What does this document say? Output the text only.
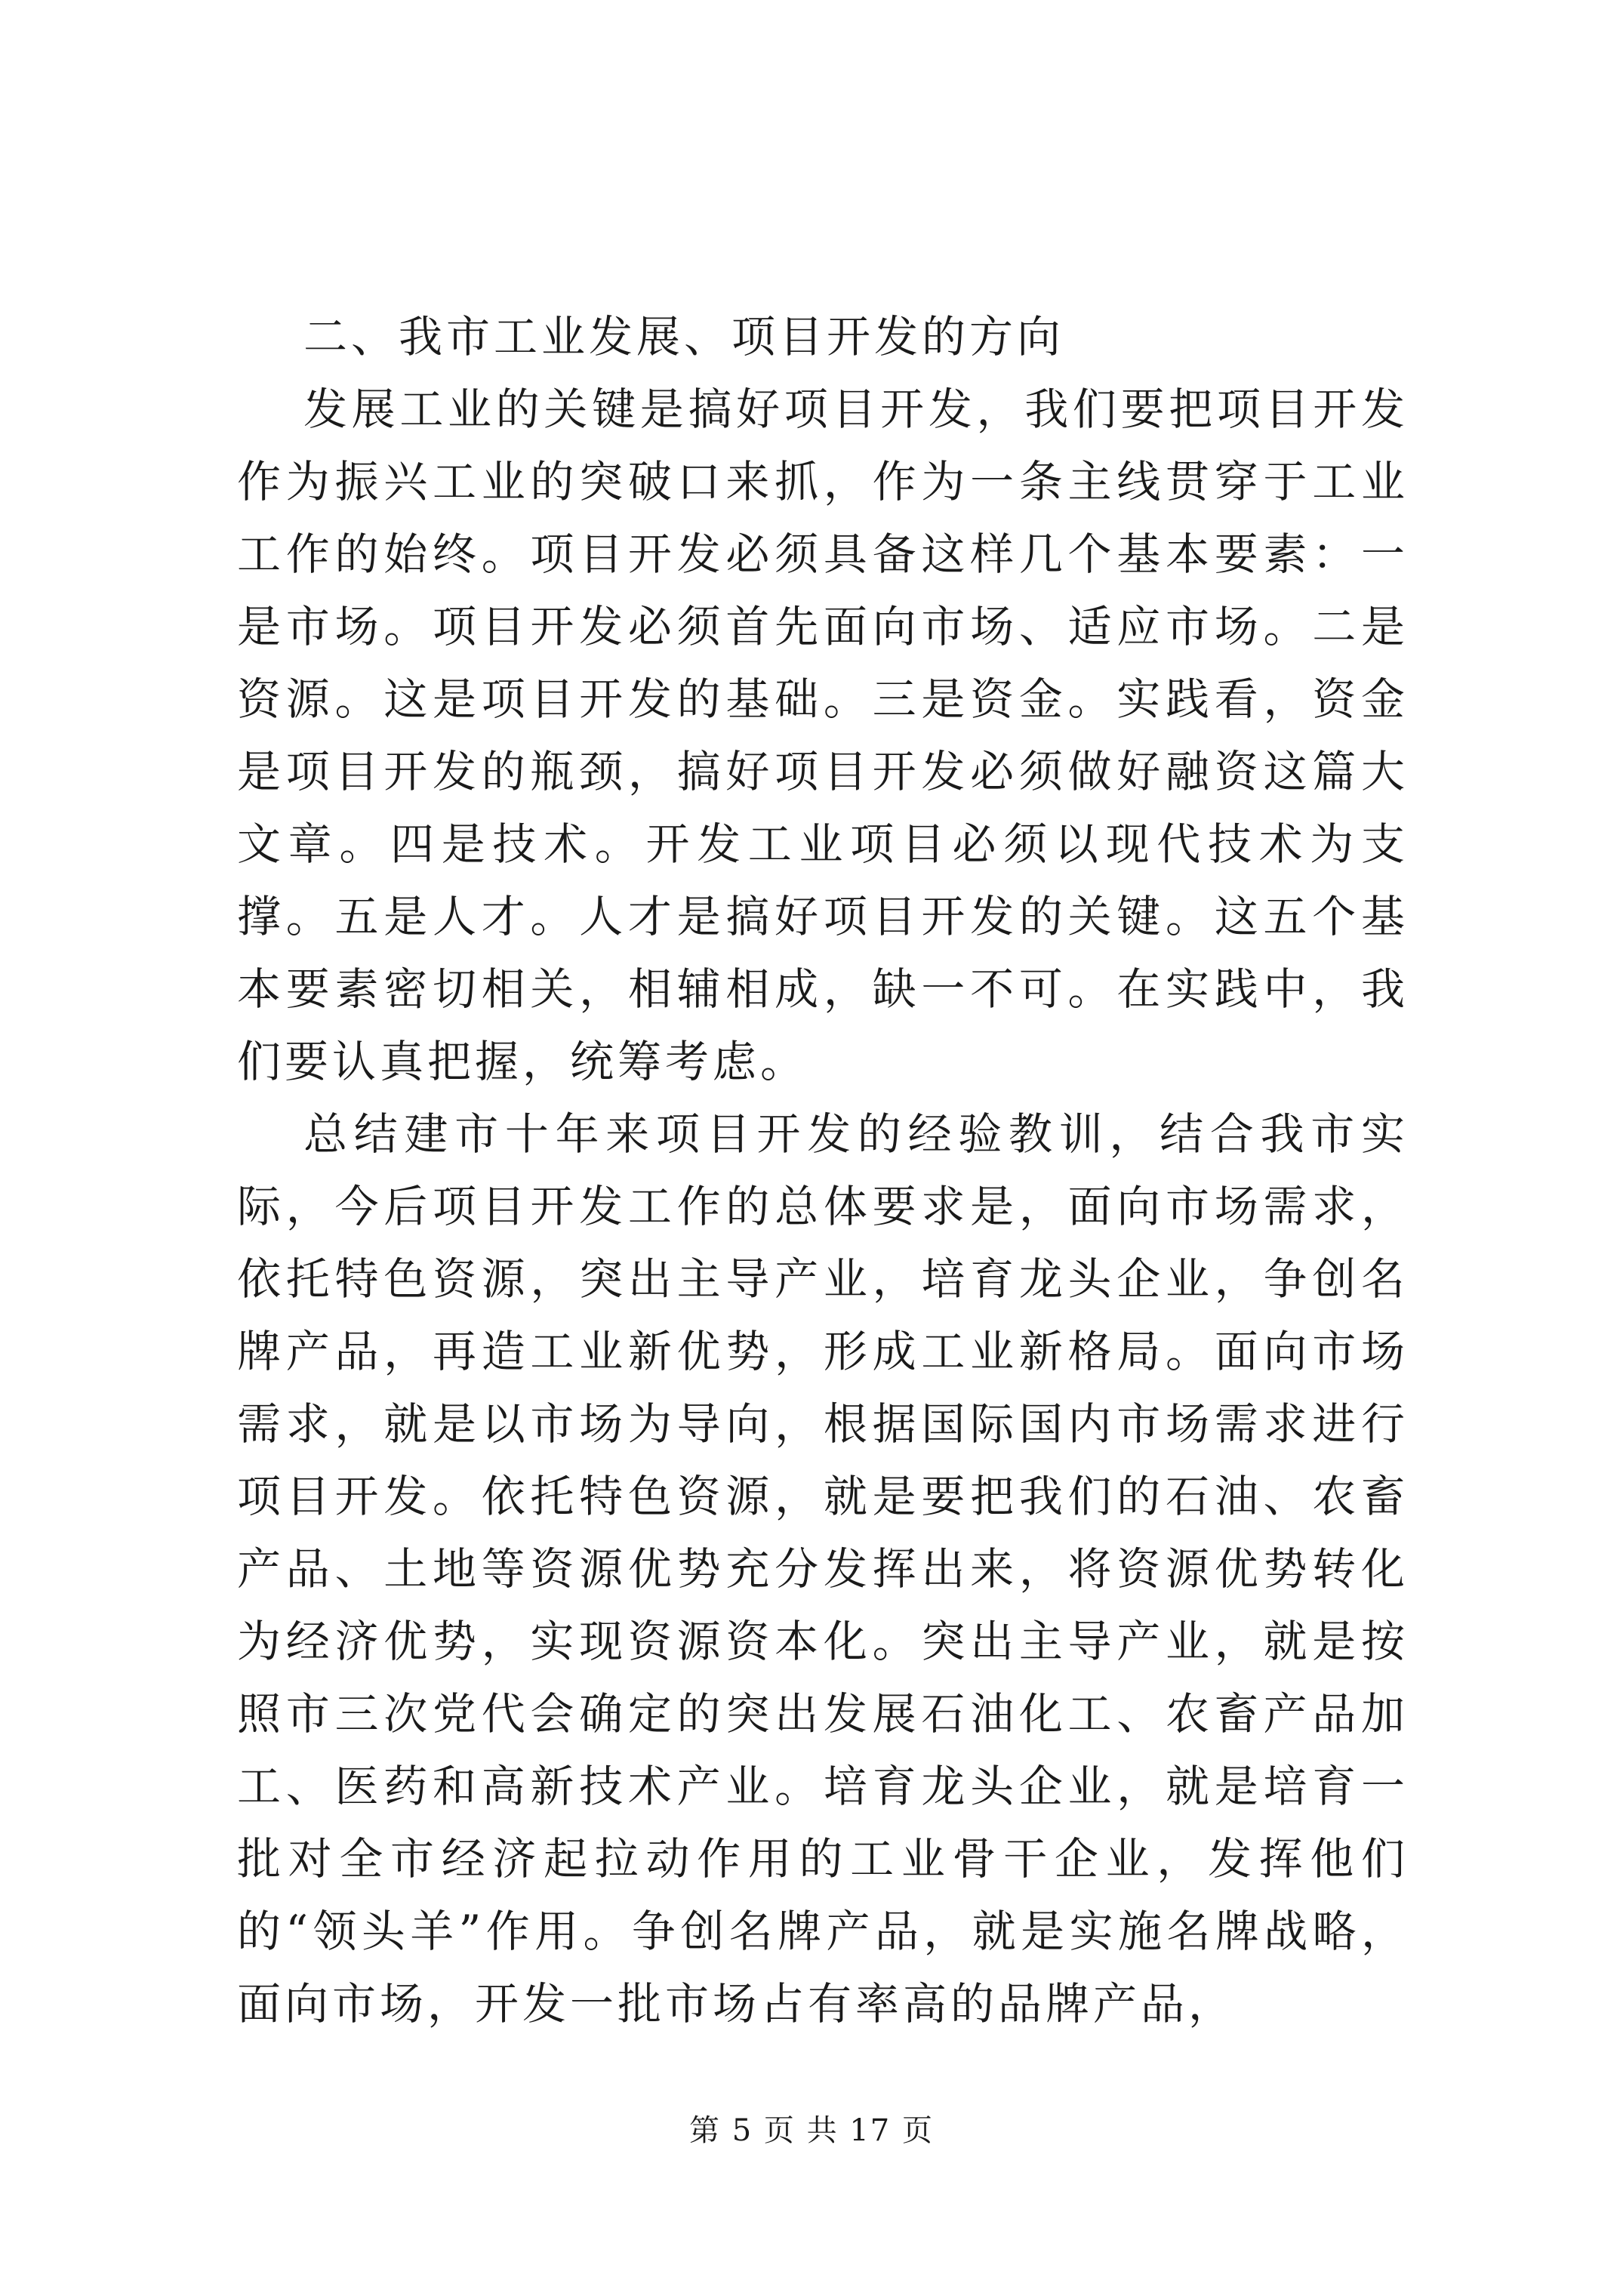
二、我市工业发展、项目开发的方向

发展工业的关键是搞好项目开发，我们要把项目开发作为振兴工业的突破口来抓，作为一条主线贯穿于工业工作的始终。项目开发必须具备这样几个基本要素：一是市场。项目开发必须首先面向市场、适应市场。二是资源。这是项目开发的基础。三是资金。实践看，资金是项目开发的瓶颈，搞好项目开发必须做好融资这篇大文章。四是技术。开发工业项目必须以现代技术为支撑。五是人才。人才是搞好项目开发的关键。这五个基本要素密切相关，相辅相成，缺一不可。在实践中，我们要认真把握，统筹考虑。

总结建市十年来项目开发的经验教训，结合我市实际，今后项目开发工作的总体要求是，面向市场需求，依托特色资源，突出主导产业，培育龙头企业，争创名牌产品，再造工业新优势，形成工业新格局。面向市场需求，就是以市场为导向，根据国际国内市场需求进行项目开发。依托特色资源，就是要把我们的石油、农畜产品、土地等资源优势充分发挥出来，将资源优势转化为经济优势，实现资源资本化。突出主导产业，就是按照市三次党代会确定的突出发展石油化工、农畜产品加工、医药和高新技术产业。培育龙头企业，就是培育一批对全市经济起拉动作用的工业骨干企业，发挥他们的“领头羊”作用。争创名牌产品，就是实施名牌战略，面向市场，开发一批市场占有率高的品牌产品，

第 5 页 共 17 页
